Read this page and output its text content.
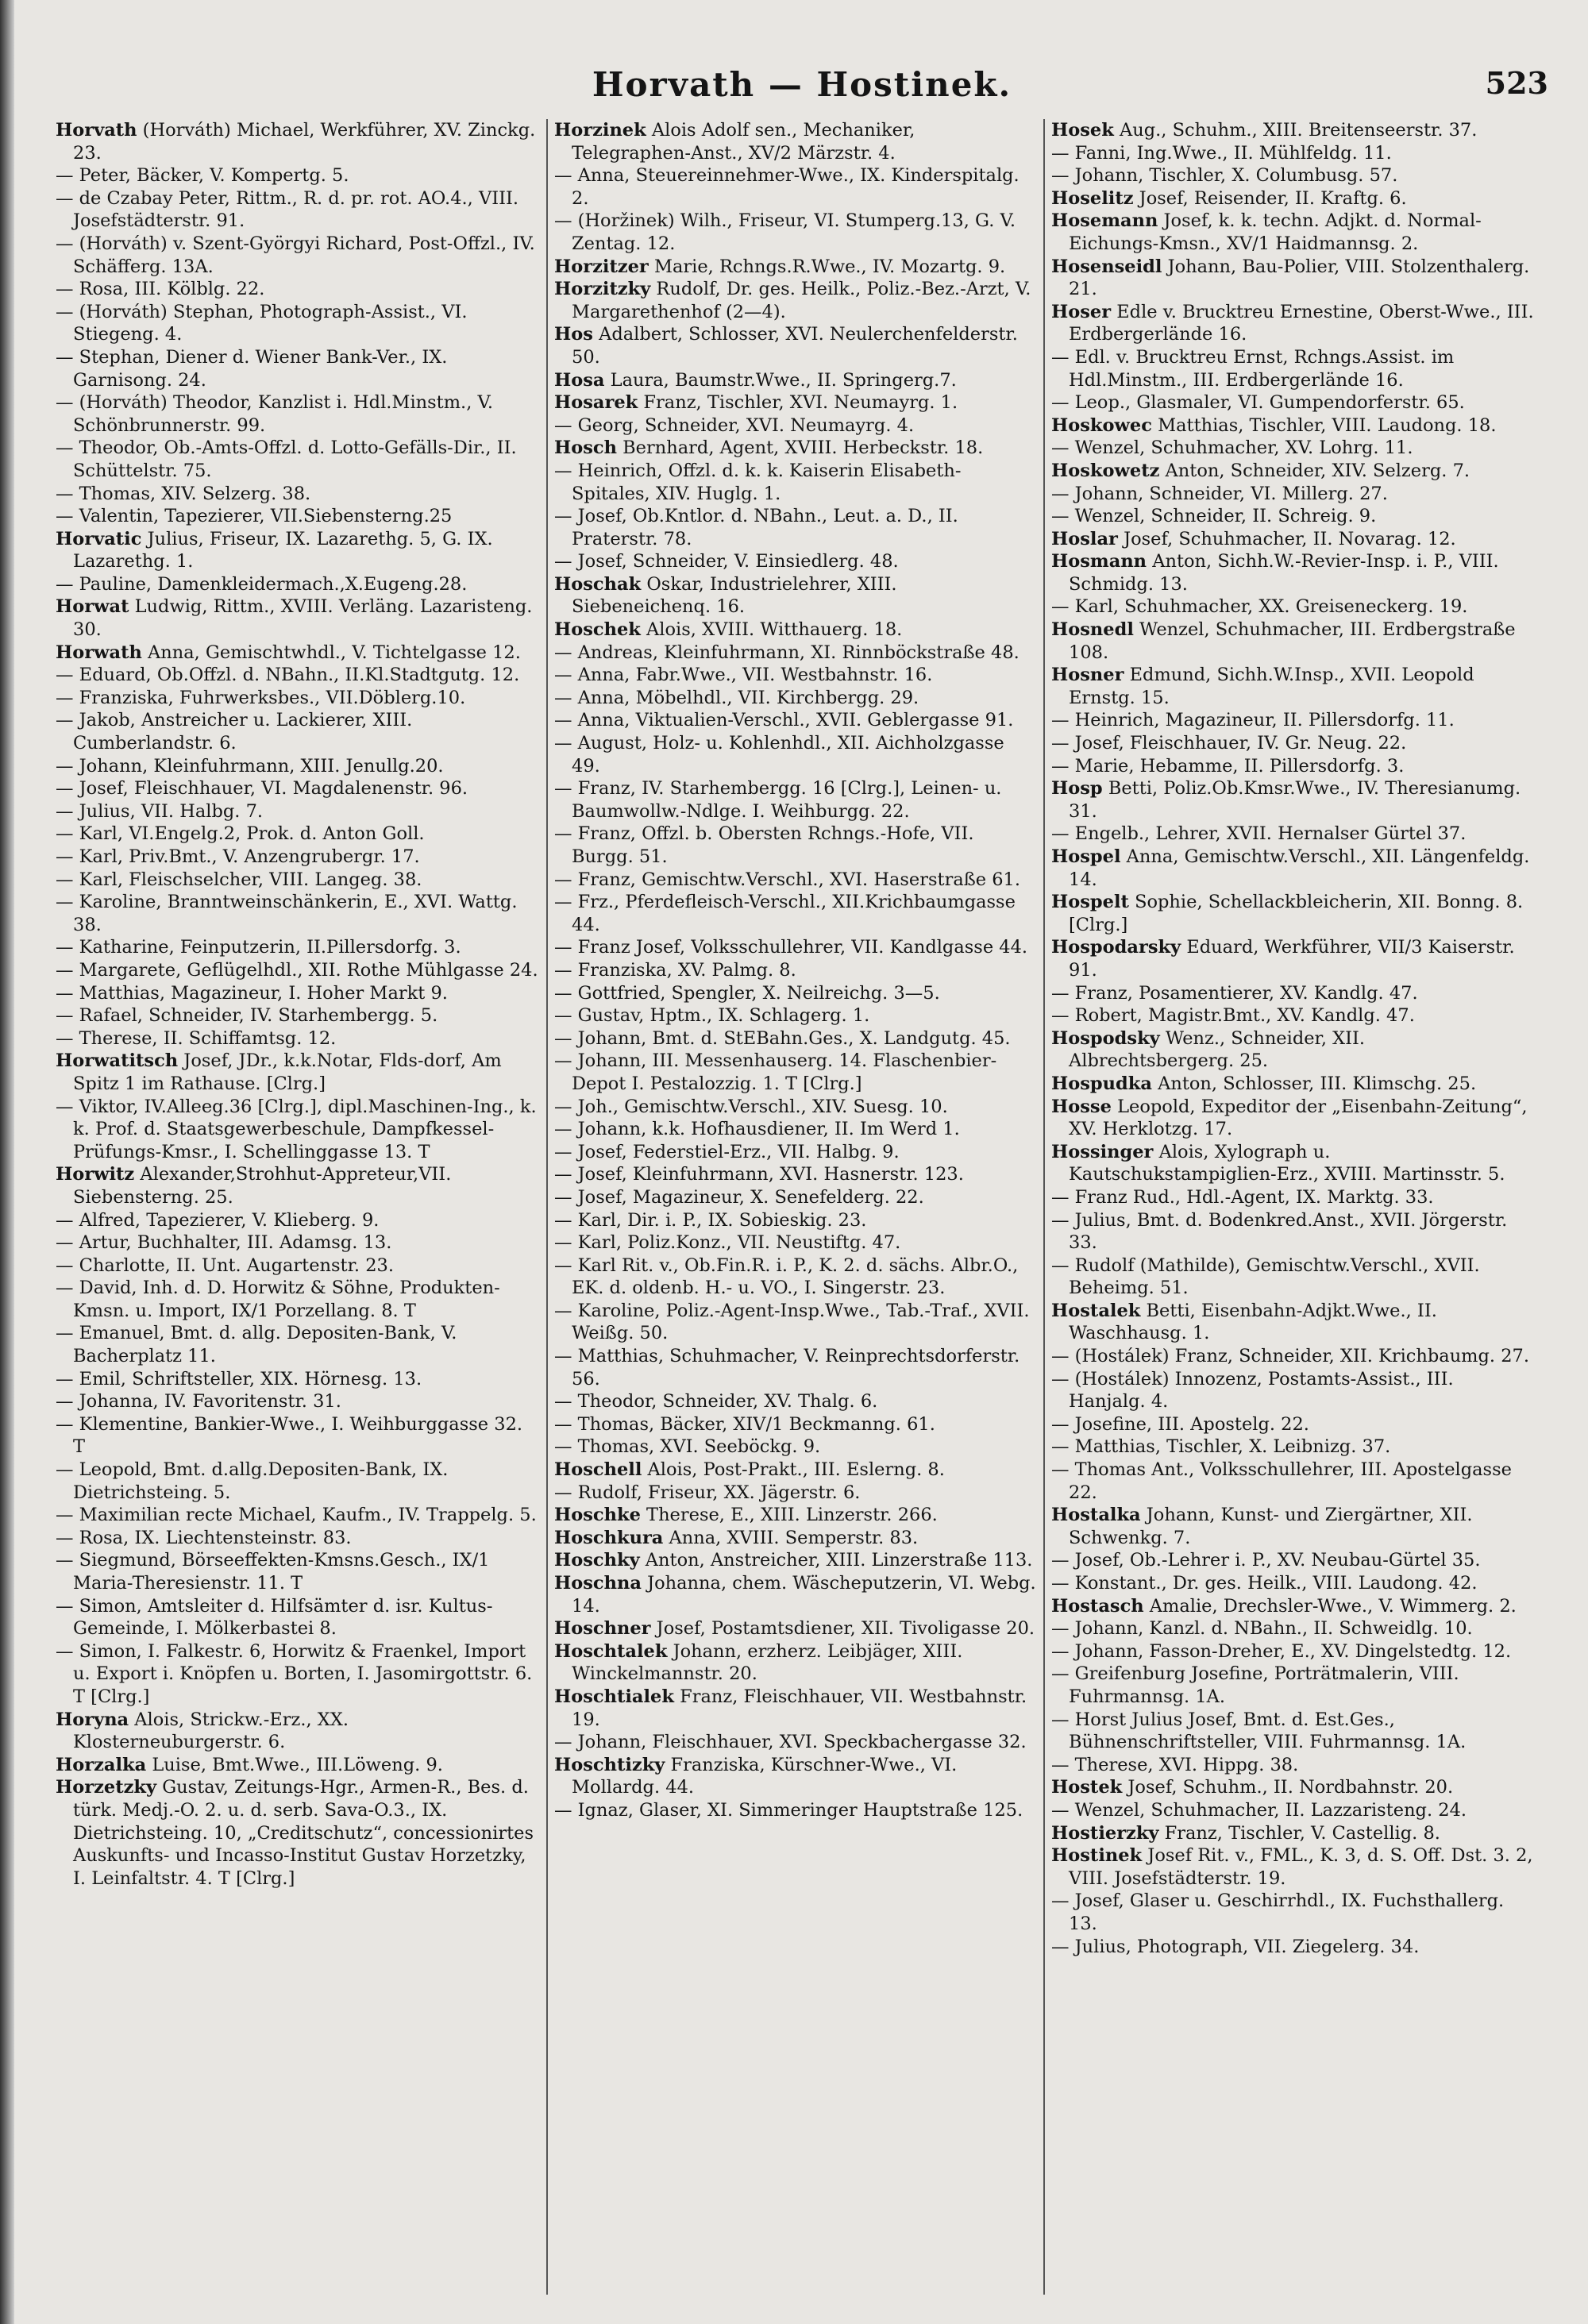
Horvath — Hostinek.	523

Horvath (Horváth) Michael, Werkführer, XV. Zinckg. 23.

— Peter, Bäcker, V. Kompertg. 5.

— de Czabay Peter, Rittm., R. d. pr. rot. AO.4., VIII. Josefstädterstr. 91.

— (Horváth) v. Szent-Györgyi Richard, Post-Offzl., IV. Schäfferg. 13A.

— Rosa, III. Kölblg. 22.

— (Horváth) Stephan, Photograph-Assist., VI. Stiegeng. 4.

— Stephan, Diener d. Wiener Bank-Ver., IX. Garnisong. 24.

— (Horváth) Theodor, Kanzlist i. Hdl.Minstm., V. Schönbrunnerstr. 99.

— Theodor, Ob.-Amts-Offzl. d. Lotto-Gefälls-Dir., II. Schüttelstr. 75.

— Thomas, XIV. Selzerg. 38.

— Valentin, Tapezierer, VII.Siebensterng.25

Horvatic Julius, Friseur, IX. Lazarethg. 5, G. IX. Lazarethg. 1.

— Pauline, Damenkleidermach.,X.Eugeng.28.

Horwat Ludwig, Rittm., XVIII. Verläng. Lazaristeng. 30.

Horwath Anna, Gemischtwhdl., V. Tichtelgasse 12.

— Eduard, Ob.Offzl. d. NBahn., II.Kl.Stadtgutg. 12.

— Franziska, Fuhrwerksbes., VII.Döblerg.10.

— Jakob, Anstreicher u. Lackierer, XIII. Cumberlandstr. 6.

— Johann, Kleinfuhrmann, XIII. Jenullg.20.

— Josef, Fleischhauer, VI. Magdalenenstr. 96.

— Julius, VII. Halbg. 7.

— Karl, VI.Engelg.2, Prok. d. Anton Goll.

— Karl, Priv.Bmt., V. Anzengrubergr. 17.

— Karl, Fleischselcher, VIII. Langeg. 38.

— Karoline, Branntweinschänkerin, E., XVI. Wattg. 38.

— Katharine, Feinputzerin, II.Pillersdorfg. 3.

— Margarete, Geflügelhdl., XII. Rothe Mühlgasse 24.

— Matthias, Magazineur, I. Hoher Markt 9.

— Rafael, Schneider, IV. Starhembergg. 5.

— Therese, II. Schiffamtsg. 12.

Horwatitsch Josef, JDr., k.k.Notar, Flds-dorf, Am Spitz 1 im Rathause. [Clrg.]

— Viktor, IV.Alleeg.36 [Clrg.], dipl.Maschinen-Ing., k. k. Prof. d. Staatsgewerbeschule, Dampfkessel-Prüfungs-Kmsr., I. Schellinggasse 13. T

Horwitz Alexander,Strohhut-Appreteur,VII. Siebensterng. 25.

— Alfred, Tapezierer, V. Klieberg. 9.

— Artur, Buchhalter, III. Adamsg. 13.

— Charlotte, II. Unt. Augartenstr. 23.

— David, Inh. d. D. Horwitz & Söhne, Produkten-Kmsn. u. Import, IX/1 Porzellang. 8. T

— Emanuel, Bmt. d. allg. Depositen-Bank, V. Bacherplatz 11.

— Emil, Schriftsteller, XIX. Hörnesg. 13.

— Johanna, IV. Favoritenstr. 31.

— Klementine, Bankier-Wwe., I. Weihburggasse 32. T

— Leopold, Bmt. d.allg.Depositen-Bank, IX. Dietrichsteing. 5.

— Maximilian recte Michael, Kaufm., IV. Trappelg. 5.

— Rosa, IX. Liechtensteinstr. 83.

— Siegmund, Börseeffekten-Kmsns.Gesch., IX/1 Maria-Theresienstr. 11. T

— Simon, Amtsleiter d. Hilfsämter d. isr. Kultus-Gemeinde, I. Mölkerbastei 8.

— Simon, I. Falkestr. 6, Horwitz & Fraenkel, Import u. Export i. Knöpfen u. Borten, I. Jasomirgottstr. 6. T [Clrg.]

Horyna Alois, Strickw.-Erz., XX. Klosterneuburgerstr. 6.

Horzalka Luise, Bmt.Wwe., III.Löweng. 9.

Horzetzky Gustav, Zeitungs-Hgr., Armen-R., Bes. d. türk. Medj.-O. 2. u. d. serb. Sava-O.3., IX. Dietrichsteing. 10, „Creditschutz“, concessionirtes Auskunfts- und Incasso-Institut Gustav Horzetzky, I. Leinfaltstr. 4. T [Clrg.]

Horzinek Alois Adolf sen., Mechaniker, Telegraphen-Anst., XV/2 Märzstr. 4.

— Anna, Steuereinnehmer-Wwe., IX. Kinderspitalg. 2.

— (Horžinek) Wilh., Friseur, VI. Stumperg.13, G. V. Zentag. 12.

Horzitzer Marie, Rchngs.R.Wwe., IV. Mozartg. 9.

Horzitzky Rudolf, Dr. ges. Heilk., Poliz.-Bez.-Arzt, V. Margarethenhof (2—4).

Hos Adalbert, Schlosser, XVI. Neulerchenfelderstr. 50.

Hosa Laura, Baumstr.Wwe., II. Springerg.7.

Hosarek Franz, Tischler, XVI. Neumayrg. 1.

— Georg, Schneider, XVI. Neumayrg. 4.

Hosch Bernhard, Agent, XVIII. Herbeckstr. 18.

— Heinrich, Offzl. d. k. k. Kaiserin Elisabeth-Spitales, XIV. Huglg. 1.

— Josef, Ob.Kntlor. d. NBahn., Leut. a. D., II. Praterstr. 78.

— Josef, Schneider, V. Einsiedlerg. 48.

Hoschak Oskar, Industrielehrer, XIII. Siebeneichenq. 16.

Hoschek Alois, XVIII. Witthauerg. 18.

— Andreas, Kleinfuhrmann, XI. Rinnböckstraße 48.

— Anna, Fabr.Wwe., VII. Westbahnstr. 16.

— Anna, Möbelhdl., VII. Kirchbergg. 29.

— Anna, Viktualien-Verschl., XVII. Geblergasse 91.

— August, Holz- u. Kohlenhdl., XII. Aichholzgasse 49.

— Franz, IV. Starhembergg. 16 [Clrg.], Leinen- u. Baumwollw.-Ndlge. I. Weihburgg. 22.

— Franz, Offzl. b. Obersten Rchngs.-Hofe, VII. Burgg. 51.

— Franz, Gemischtw.Verschl., XVI. Haserstraße 61.

— Frz., Pferdefleisch-Verschl., XII.Krichbaumgasse 44.

— Franz Josef, Volksschullehrer, VII. Kandlgasse 44.

— Franziska, XV. Palmg. 8.

— Gottfried, Spengler, X. Neilreichg. 3—5.

— Gustav, Hptm., IX. Schlagerg. 1.

— Johann, Bmt. d. StEBahn.Ges., X. Landgutg. 45.

— Johann, III. Messenhauserg. 14. Flaschenbier-Depot I. Pestalozzig. 1. T [Clrg.]

— Joh., Gemischtw.Verschl., XIV. Suesg. 10.

— Johann, k.k. Hofhausdiener, II. Im Werd 1.

— Josef, Federstiel-Erz., VII. Halbg. 9.

— Josef, Kleinfuhrmann, XVI. Hasnerstr. 123.

— Josef, Magazineur, X. Senefelderg. 22.

— Karl, Dir. i. P., IX. Sobieskig. 23.

— Karl, Poliz.Konz., VII. Neustiftg. 47.

— Karl Rit. v., Ob.Fin.R. i. P., K. 2. d. sächs. Albr.O., EK. d. oldenb. H.- u. VO., I. Singerstr. 23.

— Karoline, Poliz.-Agent-Insp.Wwe., Tab.-Traf., XVII. Weißg. 50.

— Matthias, Schuhmacher, V. Reinprechtsdorferstr. 56.

— Theodor, Schneider, XV. Thalg. 6.

— Thomas, Bäcker, XIV/1 Beckmanng. 61.

— Thomas, XVI. Seeböckg. 9.

Hoschell Alois, Post-Prakt., III. Eslerng. 8.

— Rudolf, Friseur, XX. Jägerstr. 6.

Hoschke Therese, E., XIII. Linzerstr. 266.

Hoschkura Anna, XVIII. Semperstr. 83.

Hoschky Anton, Anstreicher, XIII. Linzerstraße 113.

Hoschna Johanna, chem. Wäscheputzerin, VI. Webg. 14.

Hoschner Josef, Postamtsdiener, XII. Tivoligasse 20.

Hoschtalek Johann, erzherz. Leibjäger, XIII. Winckelmannstr. 20.

Hoschtialek Franz, Fleischhauer, VII. Westbahnstr. 19.

— Johann, Fleischhauer, XVI. Speckbachergasse 32.

Hoschtizky Franziska, Kürschner-Wwe., VI. Mollardg. 44.

— Ignaz, Glaser, XI. Simmeringer Hauptstraße 125.

Hosek Aug., Schuhm., XIII. Breitenseerstr. 37.

— Fanni, Ing.Wwe., II. Mühlfeldg. 11.

— Johann, Tischler, X. Columbusg. 57.

Hoselitz Josef, Reisender, II. Kraftg. 6.

Hosemann Josef, k. k. techn. Adjkt. d. Normal-Eichungs-Kmsn., XV/1 Haidmannsg. 2.

Hosenseidl Johann, Bau-Polier, VIII. Stolzenthalerg. 21.

Hoser Edle v. Brucktreu Ernestine, Oberst-Wwe., III. Erdbergerlände 16.

— Edl. v. Brucktreu Ernst, Rchngs.Assist. im Hdl.Minstm., III. Erdbergerlände 16.

— Leop., Glasmaler, VI. Gumpendorferstr. 65.

Hoskowec Matthias, Tischler, VIII. Laudong. 18.

— Wenzel, Schuhmacher, XV. Lohrg. 11.

Hoskowetz Anton, Schneider, XIV. Selzerg. 7.

— Johann, Schneider, VI. Millerg. 27.

— Wenzel, Schneider, II. Schreig. 9.

Hoslar Josef, Schuhmacher, II. Novarag. 12.

Hosmann Anton, Sichh.W.-Revier-Insp. i. P., VIII. Schmidg. 13.

— Karl, Schuhmacher, XX. Greiseneckerg. 19.

Hosnedl Wenzel, Schuhmacher, III. Erdbergstraße 108.

Hosner Edmund, Sichh.W.Insp., XVII. Leopold Ernstg. 15.

— Heinrich, Magazineur, II. Pillersdorfg. 11.

— Josef, Fleischhauer, IV. Gr. Neug. 22.

— Marie, Hebamme, II. Pillersdorfg. 3.

Hosp Betti, Poliz.Ob.Kmsr.Wwe., IV. Theresianumg. 31.

— Engelb., Lehrer, XVII. Hernalser Gürtel 37.

Hospel Anna, Gemischtw.Verschl., XII. Längenfeldg. 14.

Hospelt Sophie, Schellackbleicherin, XII. Bonng. 8. [Clrg.]

Hospodarsky Eduard, Werkführer, VII/3 Kaiserstr. 91.

— Franz, Posamentierer, XV. Kandlg. 47.

— Robert, Magistr.Bmt., XV. Kandlg. 47.

Hospodsky Wenz., Schneider, XII. Albrechtsbergerg. 25.

Hospudka Anton, Schlosser, III. Klimschg. 25.

Hosse Leopold, Expeditor der „Eisenbahn-Zeitung“, XV. Herklotzg. 17.

Hossinger Alois, Xylograph u. Kautschukstampiglien-Erz., XVIII. Martinsstr. 5.

— Franz Rud., Hdl.-Agent, IX. Marktg. 33.

— Julius, Bmt. d. Bodenkred.Anst., XVII. Jörgerstr. 33.

— Rudolf (Mathilde), Gemischtw.Verschl., XVII. Beheimg. 51.

Hostalek Betti, Eisenbahn-Adjkt.Wwe., II. Waschhausg. 1.

— (Hostálek) Franz, Schneider, XII. Krichbaumg. 27.

— (Hostálek) Innozenz, Postamts-Assist., III. Hanjalg. 4.

— Josefine, III. Apostelg. 22.

— Matthias, Tischler, X. Leibnizg. 37.

— Thomas Ant., Volksschullehrer, III. Apostelgasse 22.

Hostalka Johann, Kunst- und Ziergärtner, XII. Schwenkg. 7.

— Josef, Ob.-Lehrer i. P., XV. Neubau-Gürtel 35.

— Konstant., Dr. ges. Heilk., VIII. Laudong. 42.

Hostasch Amalie, Drechsler-Wwe., V. Wimmerg. 2.

— Johann, Kanzl. d. NBahn., II. Schweidlg. 10.

— Johann, Fasson-Dreher, E., XV. Dingelstedtg. 12.

— Greifenburg Josefine, Porträtmalerin, VIII. Fuhrmannsg. 1A.

— Horst Julius Josef, Bmt. d. Est.Ges., Bühnenschriftsteller, VIII. Fuhrmannsg. 1A.

— Therese, XVI. Hippg. 38.

Hostek Josef, Schuhm., II. Nordbahnstr. 20.

— Wenzel, Schuhmacher, II. Lazzaristeng. 24.

Hostierzky Franz, Tischler, V. Castellig. 8.

Hostinek Josef Rit. v., FML., K. 3, d. S. Off. Dst. 3. 2, VIII. Josefstädterstr. 19.

— Josef, Glaser u. Geschirrhdl., IX. Fuchsthallerg. 13.

— Julius, Photograph, VII. Ziegelerg. 34.
